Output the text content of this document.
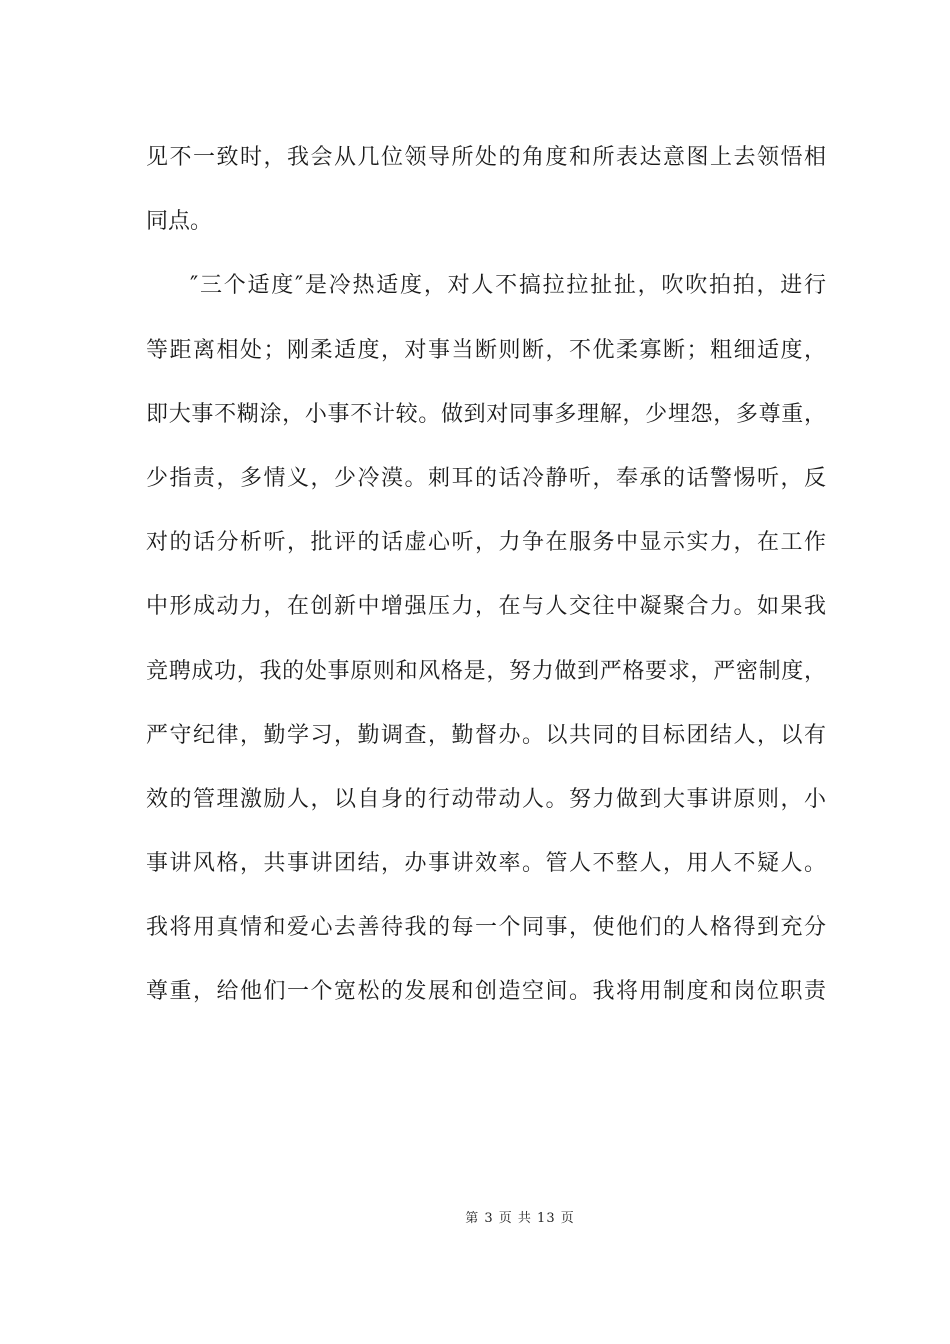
见不一致时，我会从几位领导所处的角度和所表达意图上去领悟相
同点。
″三个适度″是冷热适度，对人不搞拉拉扯扯，吹吹拍拍，进行
等距离相处；刚柔适度，对事当断则断，不优柔寡断；粗细适度，
即大事不糊涂，小事不计较。做到对同事多理解，少埋怨，多尊重，
少指责，多情义，少冷漠。刺耳的话冷静听，奉承的话警惕听，反
对的话分析听，批评的话虚心听，力争在服务中显示实力，在工作
中形成动力，在创新中增强压力，在与人交往中凝聚合力。如果我
竞聘成功，我的处事原则和风格是，努力做到严格要求，严密制度，
严守纪律，勤学习，勤调查，勤督办。以共同的目标团结人，以有
效的管理激励人，以自身的行动带动人。努力做到大事讲原则，小
事讲风格，共事讲团结，办事讲效率。管人不整人，用人不疑人。
我将用真情和爱心去善待我的每一个同事，使他们的人格得到充分
尊重，给他们一个宽松的发展和创造空间。我将用制度和岗位职责
第 3 页 共 13 页
